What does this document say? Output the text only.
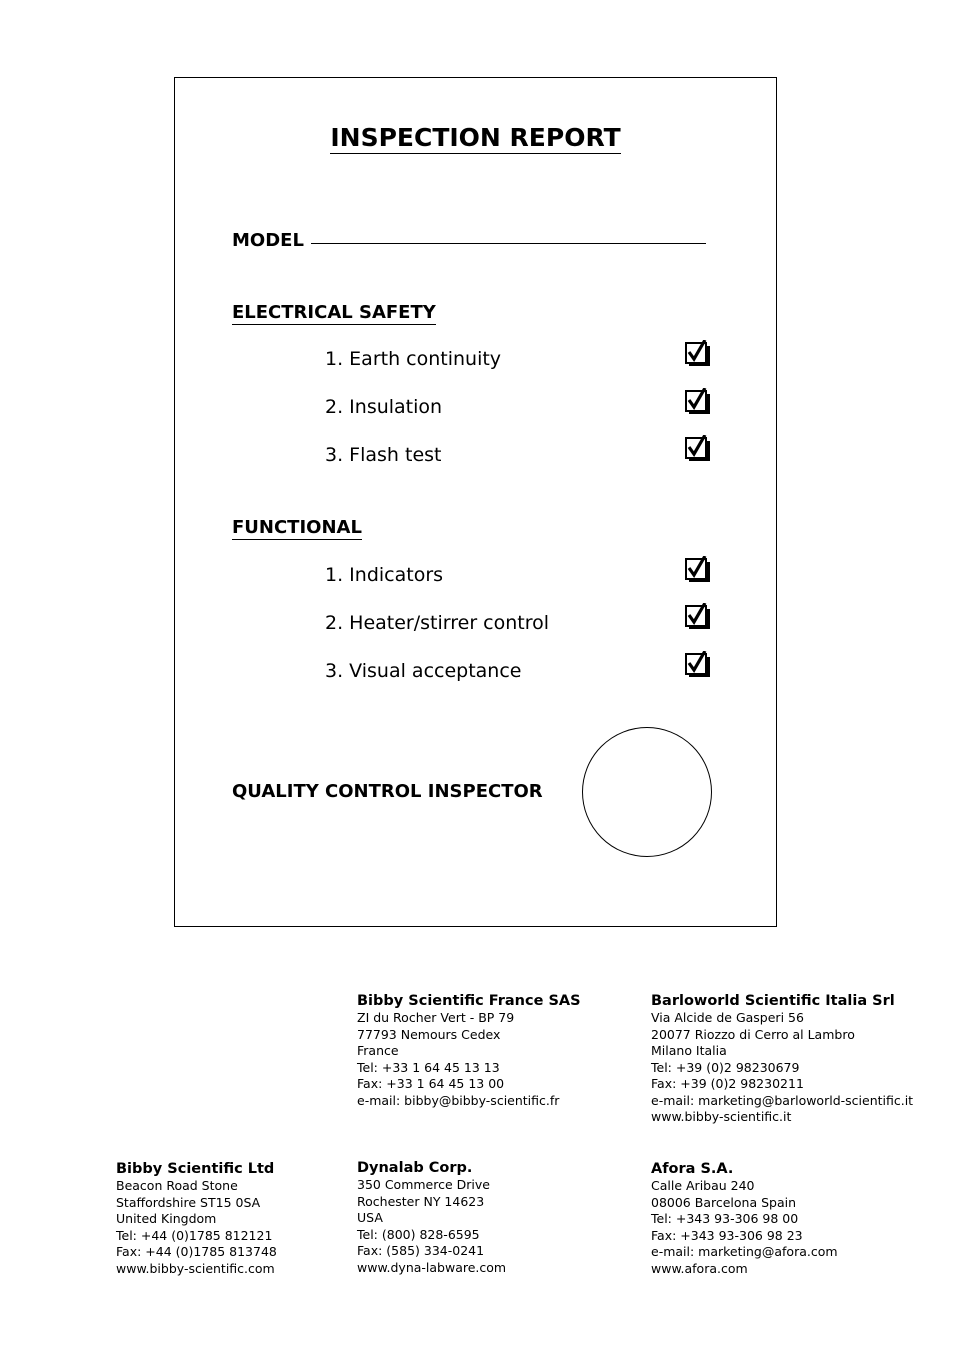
INSPECTION REPORT
MODEL
ELECTRICAL SAFETY
1. Earth continuity
2. Insulation
3. Flash test
FUNCTIONAL
1. Indicators
2. Heater/stirrer control
3. Visual acceptance
QUALITY CONTROL INSPECTOR
Bibby Scientific France SAS
ZI du Rocher Vert - BP 79
77793 Nemours Cedex
France
Tel: +33 1 64 45 13 13
Fax: +33 1 64 45 13 00
e-mail: bibby@bibby-scientific.fr
Barloworld Scientific Italia Srl
Via Alcide de Gasperi 56
20077 Riozzo di Cerro al Lambro
Milano Italia
Tel: +39 (0)2 98230679
Fax: +39 (0)2 98230211
e-mail: marketing@barloworld-scientific.it
www.bibby-scientific.it
Bibby Scientific Ltd
Beacon Road Stone
Staffordshire ST15 0SA
United Kingdom
Tel: +44 (0)1785 812121
Fax: +44 (0)1785 813748
www.bibby-scientific.com
Dynalab Corp.
350 Commerce Drive
Rochester NY 14623
USA
Tel: (800) 828-6595
Fax: (585) 334-0241
www.dyna-labware.com
Afora S.A.
Calle Aribau 240
08006 Barcelona Spain
Tel: +343 93-306 98 00
Fax: +343 93-306 98 23
e-mail: marketing@afora.com
www.afora.com
